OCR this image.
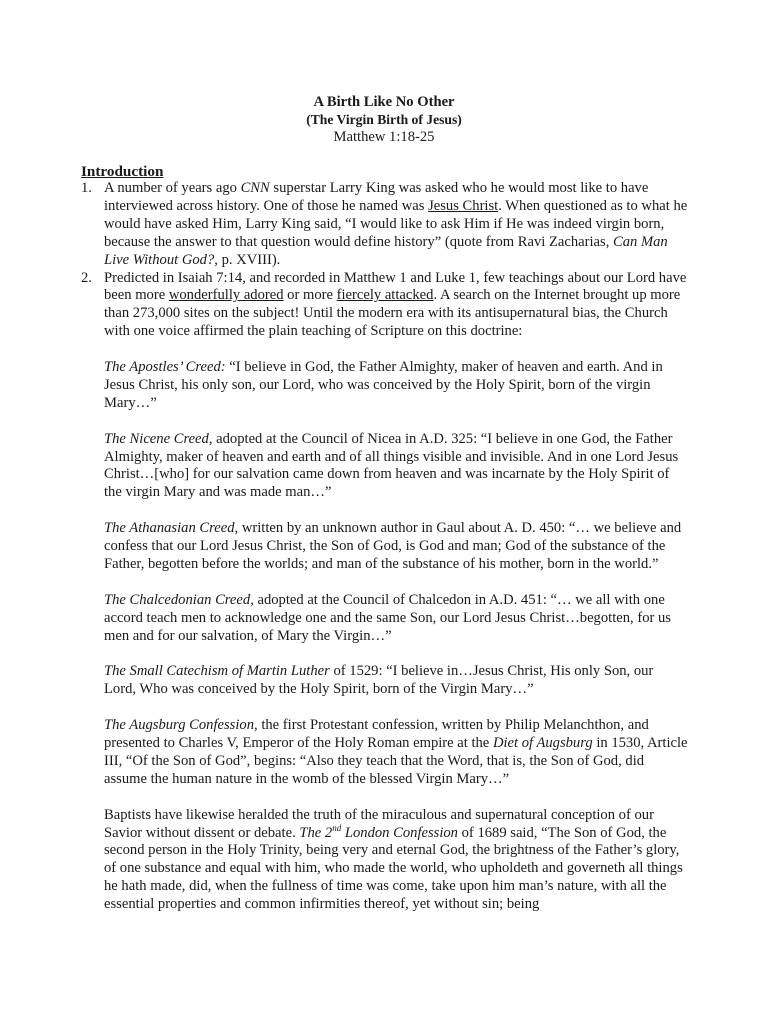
A Birth Like No Other
(The Virgin Birth of Jesus)
Matthew 1:18-25
Introduction
1. A number of years ago CNN superstar Larry King was asked who he would most like to have interviewed across history. One of those he named was Jesus Christ. When questioned as to what he would have asked Him, Larry King said, “I would like to ask Him if He was indeed virgin born, because the answer to that question would define history” (quote from Ravi Zacharias, Can Man Live Without God?, p. XVIII).
2. Predicted in Isaiah 7:14, and recorded in Matthew 1 and Luke 1, few teachings about our Lord have been more wonderfully adored or more fiercely attacked. A search on the Internet brought up more than 273,000 sites on the subject! Until the modern era with its antisupernatural bias, the Church with one voice affirmed the plain teaching of Scripture on this doctrine:
The Apostles’ Creed: “I believe in God, the Father Almighty, maker of heaven and earth. And in Jesus Christ, his only son, our Lord, who was conceived by the Holy Spirit, born of the virgin Mary…”
The Nicene Creed, adopted at the Council of Nicea in A.D. 325: “I believe in one God, the Father Almighty, maker of heaven and earth and of all things visible and invisible. And in one Lord Jesus Christ…[who] for our salvation came down from heaven and was incarnate by the Holy Spirit of the virgin Mary and was made man…”
The Athanasian Creed, written by an unknown author in Gaul about A. D. 450: “… we believe and confess that our Lord Jesus Christ, the Son of God, is God and man; God of the substance of the Father, begotten before the worlds; and man of the substance of his mother, born in the world.”
The Chalcedonian Creed, adopted at the Council of Chalcedon in A.D. 451: “… we all with one accord teach men to acknowledge one and the same Son, our Lord Jesus Christ…begotten, for us men and for our salvation, of Mary the Virgin…”
The Small Catechism of Martin Luther of 1529: “I believe in…Jesus Christ, His only Son, our Lord, Who was conceived by the Holy Spirit, born of the Virgin Mary…”
The Augsburg Confession, the first Protestant confession, written by Philip Melanchthon, and presented to Charles V, Emperor of the Holy Roman empire at the Diet of Augsburg in 1530, Article III, “Of the Son of God”, begins: “Also they teach that the Word, that is, the Son of God, did assume the human nature in the womb of the blessed Virgin Mary…”
Baptists have likewise heralded the truth of the miraculous and supernatural conception of our Savior without dissent or debate. The 2nd London Confession of 1689 said, “The Son of God, the second person in the Holy Trinity, being very and eternal God, the brightness of the Father’s glory, of one substance and equal with him, who made the world, who upholdeth and governeth all things he hath made, did, when the fullness of time was come, take upon him man’s nature, with all the essential properties and common infirmities thereof, yet without sin; being
